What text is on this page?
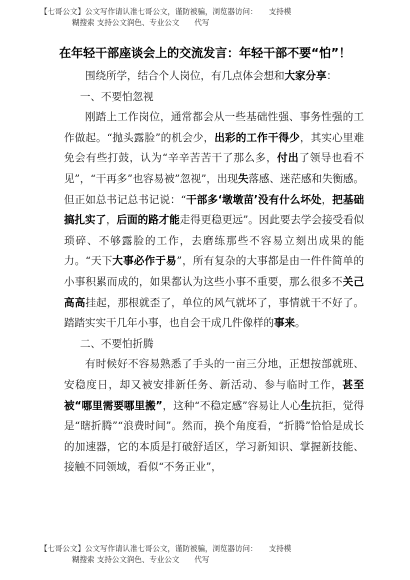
【七哥公文】公文写作请认准七哥公文，谨防被骗，浏览器访问：　　支持模
糊搜索 支持公文润色、专业公文　　代写
在年轻干部座谈会上的交流发言：年轻干部不要“怕”！

围绕所学，结合个人岗位，有几点体会想和大家分享：

一、不要怕忽视

刚踏上工作岗位，通常都会从一些基础性强、事务性强的工作做起。“抛头露脸”的机会少，出彩的工作干得少，其实心里难免会有些打鼓，认为“辛辛苦苦干了那么多，付出了领导也看不见”，“干再多”也容易被”忽视”，出现失落感、迷茫感和失衡感。但正如总书记总书记说：“干部多‘墩墩苗’没有什么坏处，把基础搞扎实了，后面的路才能走得更稳更远”。因此要去学会接受看似琐碎、不够露脸的工作，去磨练那些不容易立刻出成果的能力。“天下大事必作于易”，所有复杂的大事都是由一件件简单的小事积累而成的，如果都认为这些小事不重要，那么很多不关己高高挂起，那根就歪了，单位的风气就坏了，事情就干不好了。踏踏实实干几年小事，也自会干成几件像样的事来。

二、不要怕折腾

有时候好不容易熟悉了手头的一亩三分地，正想按部就班、安稳度日，却又被安排新任务、新活动、参与临时工作，甚至被“哪里需要哪里搬”，这种“不稳定感”容易让人心生抗拒，觉得是“瞎折腾”“浪费时间”。然而，换个角度看，“折腾”恰恰是成长的加速器，它的本质是打破舒适区，学习新知识、掌握新技能、接触不同领域，看似“不务正业”，

【七哥公文】公文写作请认准七哥公文，谨防被骗，浏览器访问：　　支持模
糊搜索 支持公文润色、专业公文　　代写
